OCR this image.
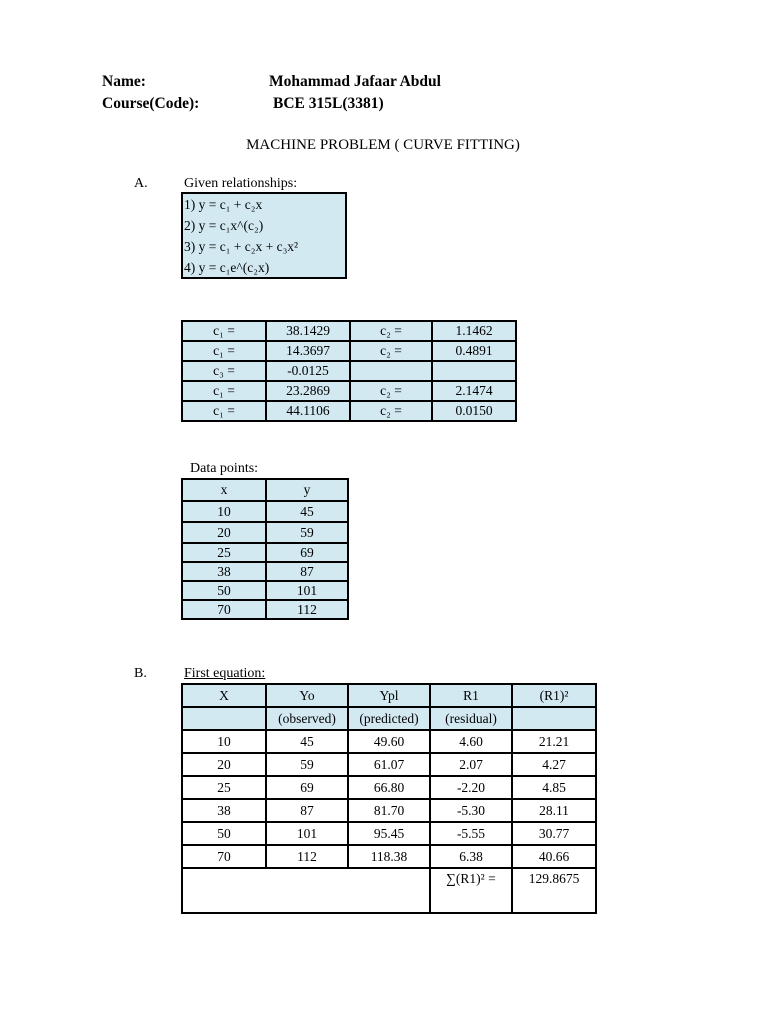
Name:	Mohammad Jafaar Abdul
Course(Code):	BCE 315L(3381)
MACHINE PROBLEM ( CURVE FITTING)
A.	Given relationships:
1) y = c₁ + c₂x
2) y = c₁x^(c₂)
3) y = c₁ + c₂x + c₃x²
4) y = c₁e^(c₂x)
c₁ =	38.1429	c₂ =	1.1462
c₁ =	14.3697	c₂ =	0.4891
c₃ =	-0.0125		
c₁ =	23.2869	c₂ =	2.1474
c₁ =	44.1106	c₂ =	0.0150
Data points:
x	y
10	45
20	59
25	69
38	87
50	101
70	112
B.	First equation:
X	Yo	Ypl	R1	(R1)²
	(observed)	(predicted)	(residual)	
10	45	49.60	4.60	21.21
20	59	61.07	2.07	4.27
25	69	66.80	-2.20	4.85
38	87	81.70	-5.30	28.11
50	101	95.45	-5.55	30.77
70	112	118.38	6.38	40.66
			∑(R1)² =	129.8675
